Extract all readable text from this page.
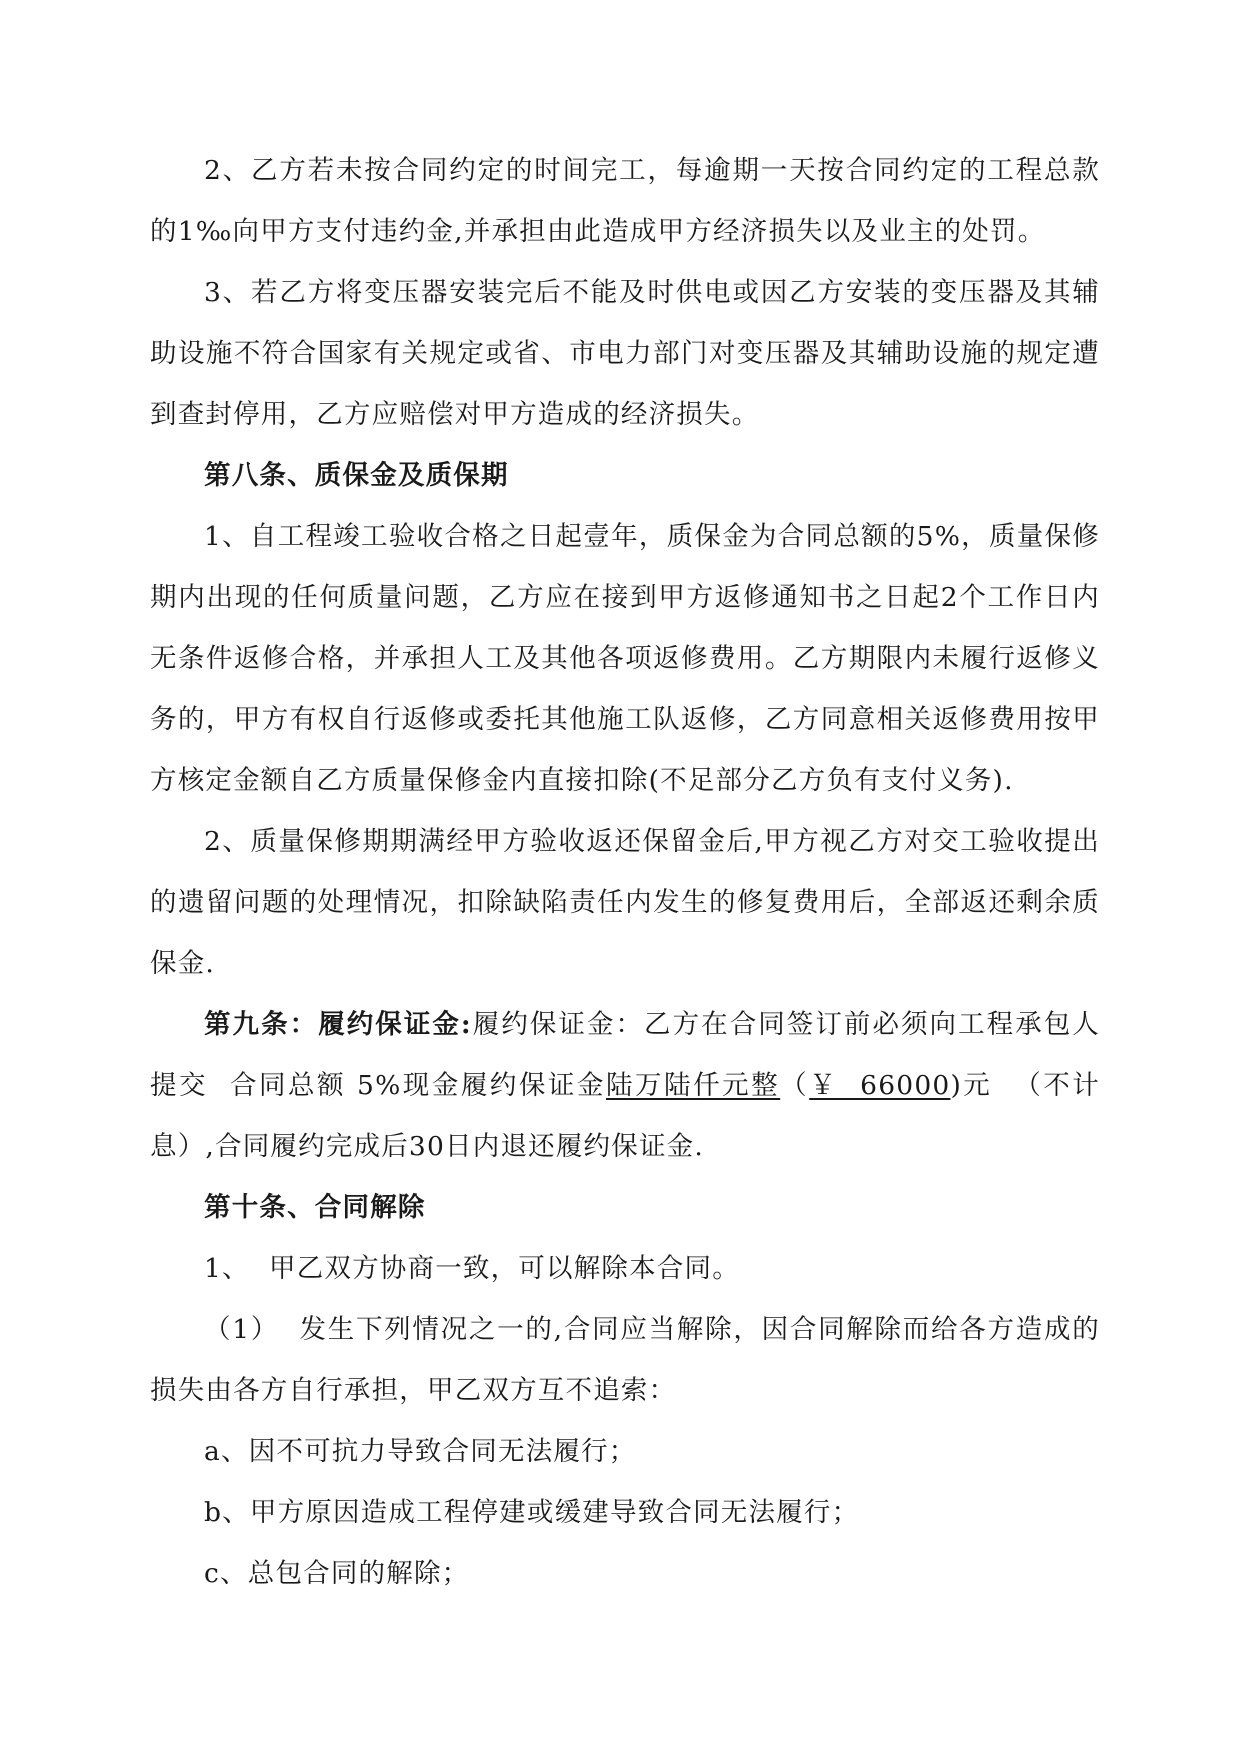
2、乙方若未按合同约定的时间完工，每逾期一天按合同约定的工程总款的1‰向甲方支付违约金,并承担由此造成甲方经济损失以及业主的处罚。

3、若乙方将变压器安装完后不能及时供电或因乙方安装的变压器及其辅助设施不符合国家有关规定或省、市电力部门对变压器及其辅助设施的规定遭到查封停用，乙方应赔偿对甲方造成的经济损失。

第八条、质保金及质保期

1、自工程竣工验收合格之日起壹年，质保金为合同总额的5%，质量保修期内出现的任何质量问题，乙方应在接到甲方返修通知书之日起2个工作日内无条件返修合格，并承担人工及其他各项返修费用。乙方期限内未履行返修义务的，甲方有权自行返修或委托其他施工队返修，乙方同意相关返修费用按甲方核定金额自乙方质量保修金内直接扣除(不足部分乙方负有支付义务).

2、质量保修期期满经甲方验收返还保留金后,甲方视乙方对交工验收提出的遗留问题的处理情况，扣除缺陷责任内发生的修复费用后，全部返还剩余质保金.

第九条：履约保证金:履约保证金：乙方在合同签订前必须向工程承包人提交  合同总额 5%现金履约保证金陆万陆仟元整（￥  66000)元  （不计息）,合同履约完成后30日内退还履约保证金.

第十条、合同解除

1、  甲乙双方协商一致，可以解除本合同。

（1）  发生下列情况之一的,合同应当解除，因合同解除而给各方造成的损失由各方自行承担，甲乙双方互不追索：

a、因不可抗力导致合同无法履行；

b、甲方原因造成工程停建或缓建导致合同无法履行；

c、总包合同的解除；
